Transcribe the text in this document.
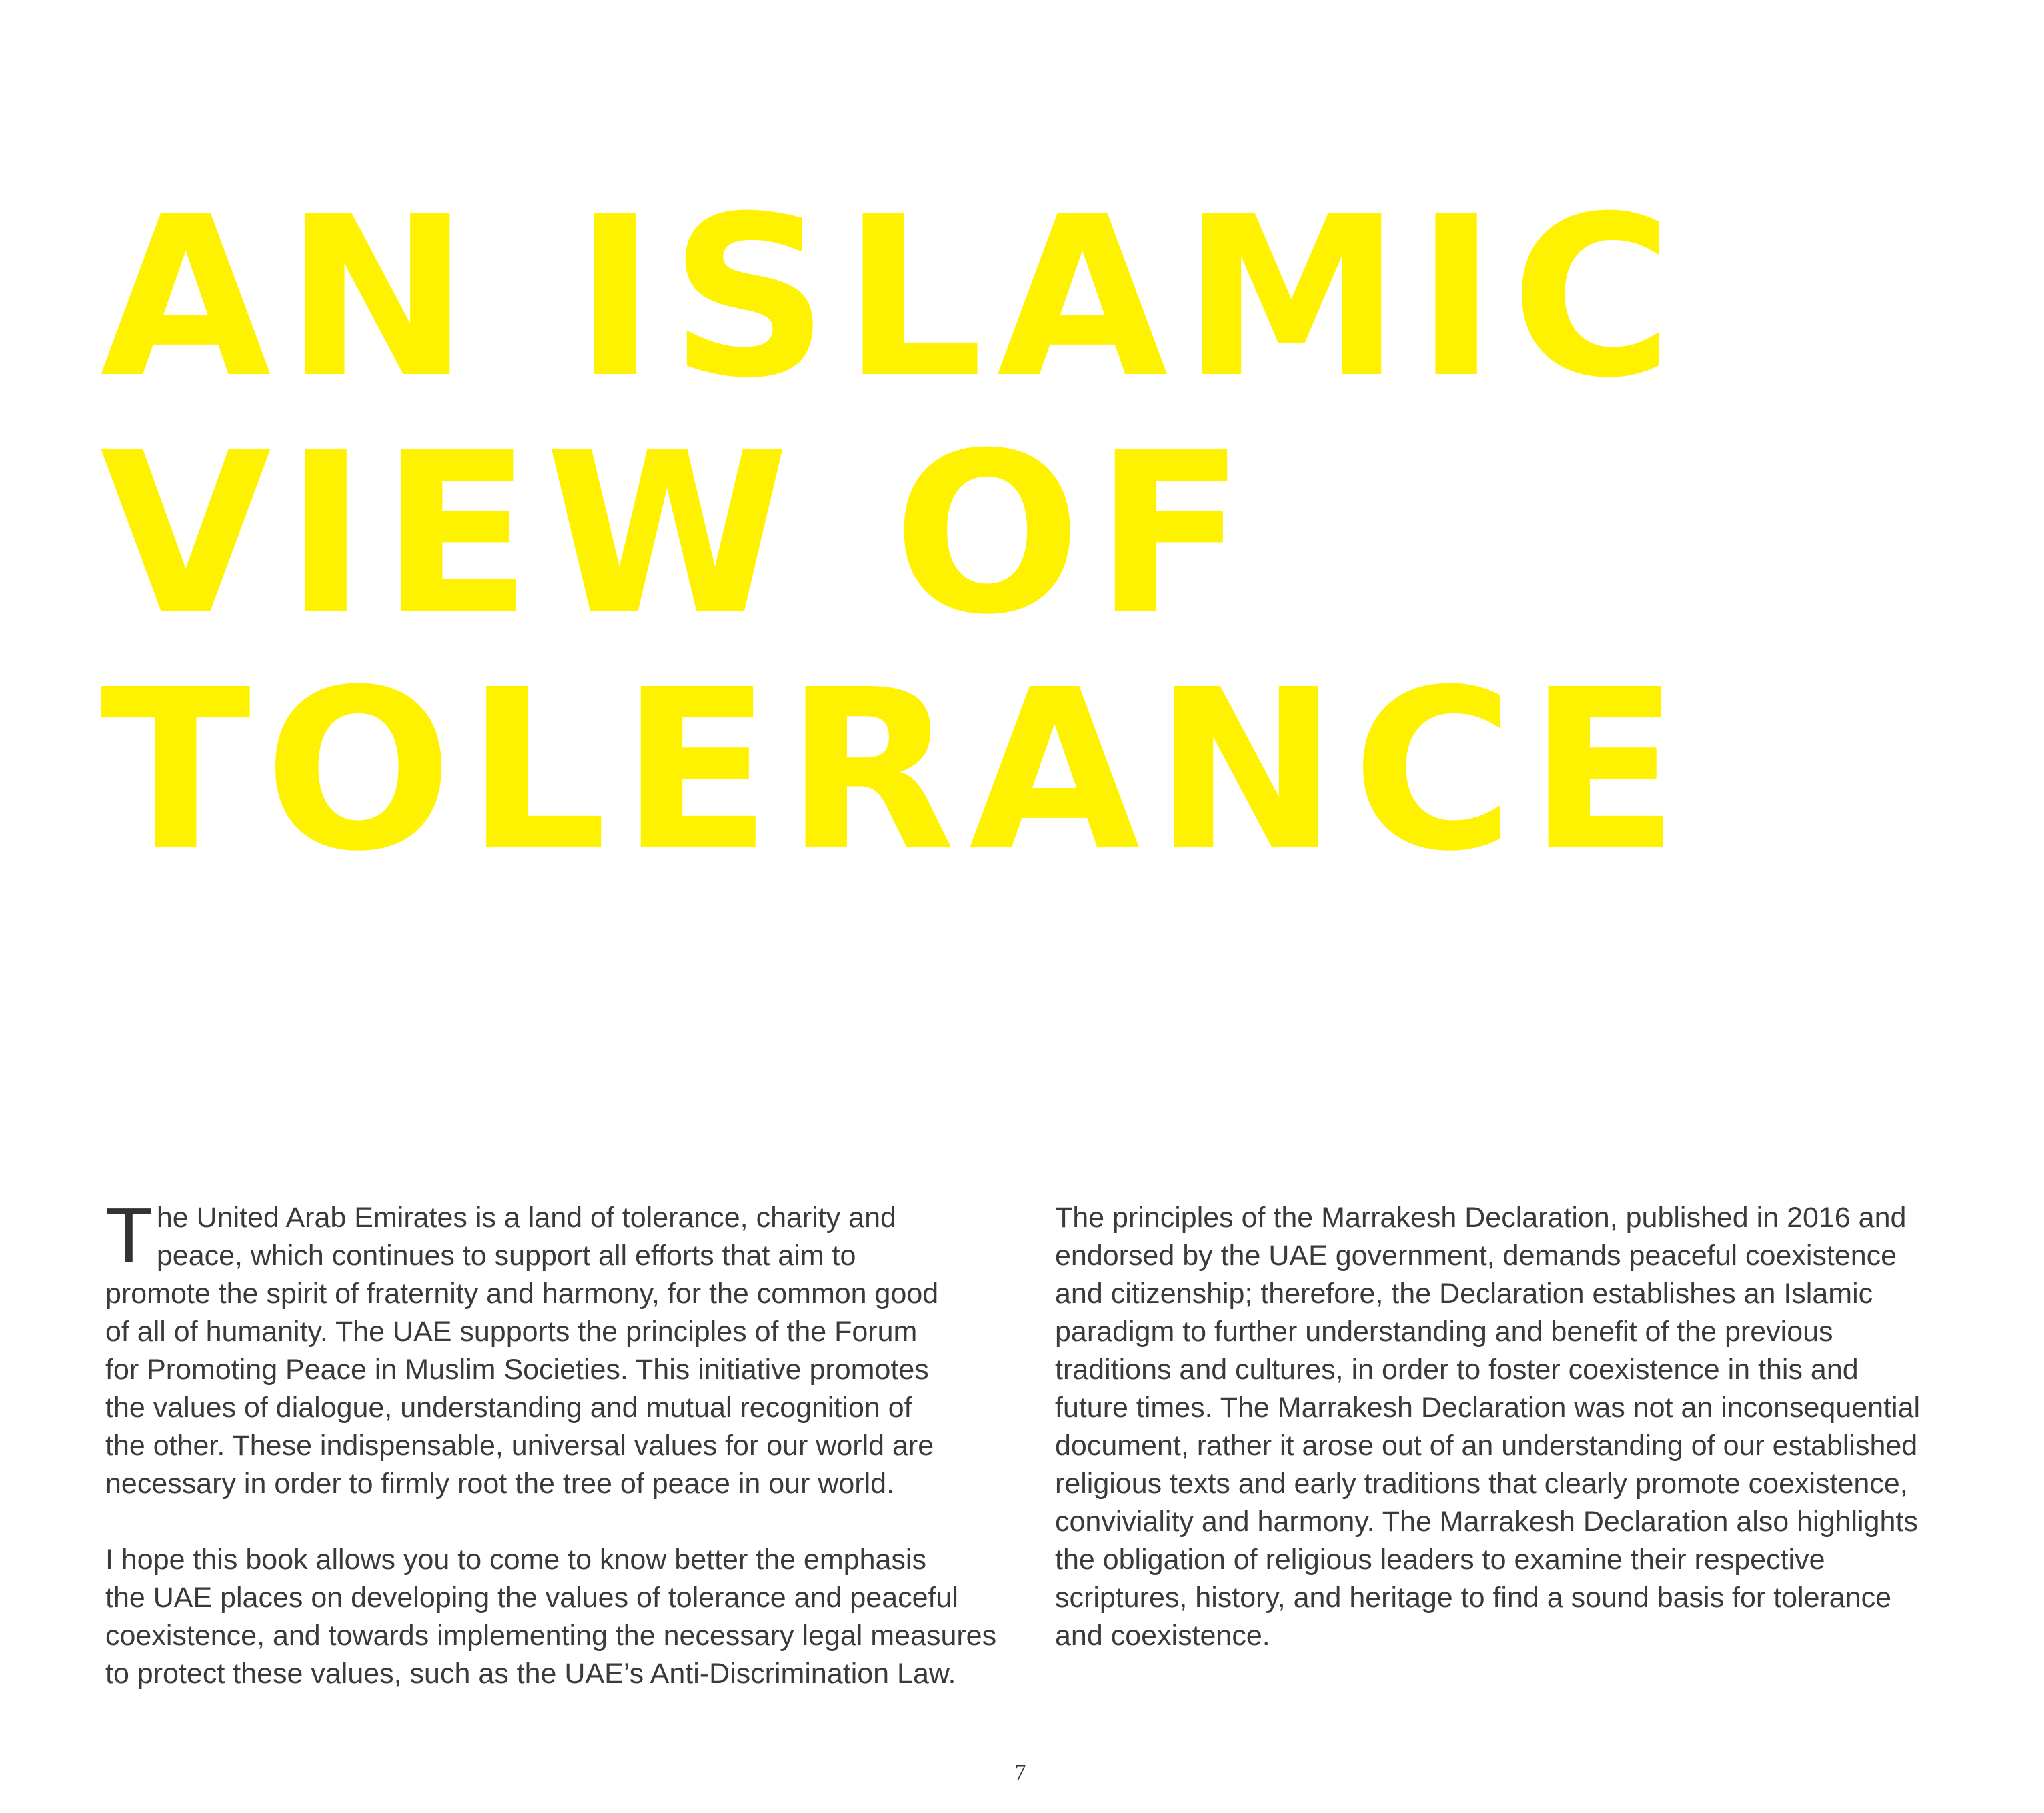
AN ISLAMIC
VIEW OF
TOLERANCE
T he United Arab Emirates is a land of tolerance, charity and
peace, which continues to support all efforts that aim to
promote the spirit of fraternity and harmony, for the common good
of all of humanity. The UAE supports the principles of the Forum
for Promoting Peace in Muslim Societies. This initiative promotes
the values of dialogue, understanding and mutual recognition of
the other. These indispensable, universal values for our world are
necessary in order to firmly root the tree of peace in our world.
I hope this book allows you to come to know better the emphasis
the UAE places on developing the values of tolerance and peaceful
coexistence, and towards implementing the necessary legal measures
to protect these values, such as the UAE’s Anti-Discrimination Law.
The principles of the Marrakesh Declaration, published in 2016 and
endorsed by the UAE government, demands peaceful coexistence
and citizenship; therefore, the Declaration establishes an Islamic
paradigm to further understanding and benefit of the previous
traditions and cultures, in order to foster coexistence in this and
future times. The Marrakesh Declaration was not an inconsequential
document, rather it arose out of an understanding of our established
religious texts and early traditions that clearly promote coexistence,
conviviality and harmony. The Marrakesh Declaration also highlights
the obligation of religious leaders to examine their respective
scriptures, history, and heritage to find a sound basis for tolerance
and coexistence.
7
